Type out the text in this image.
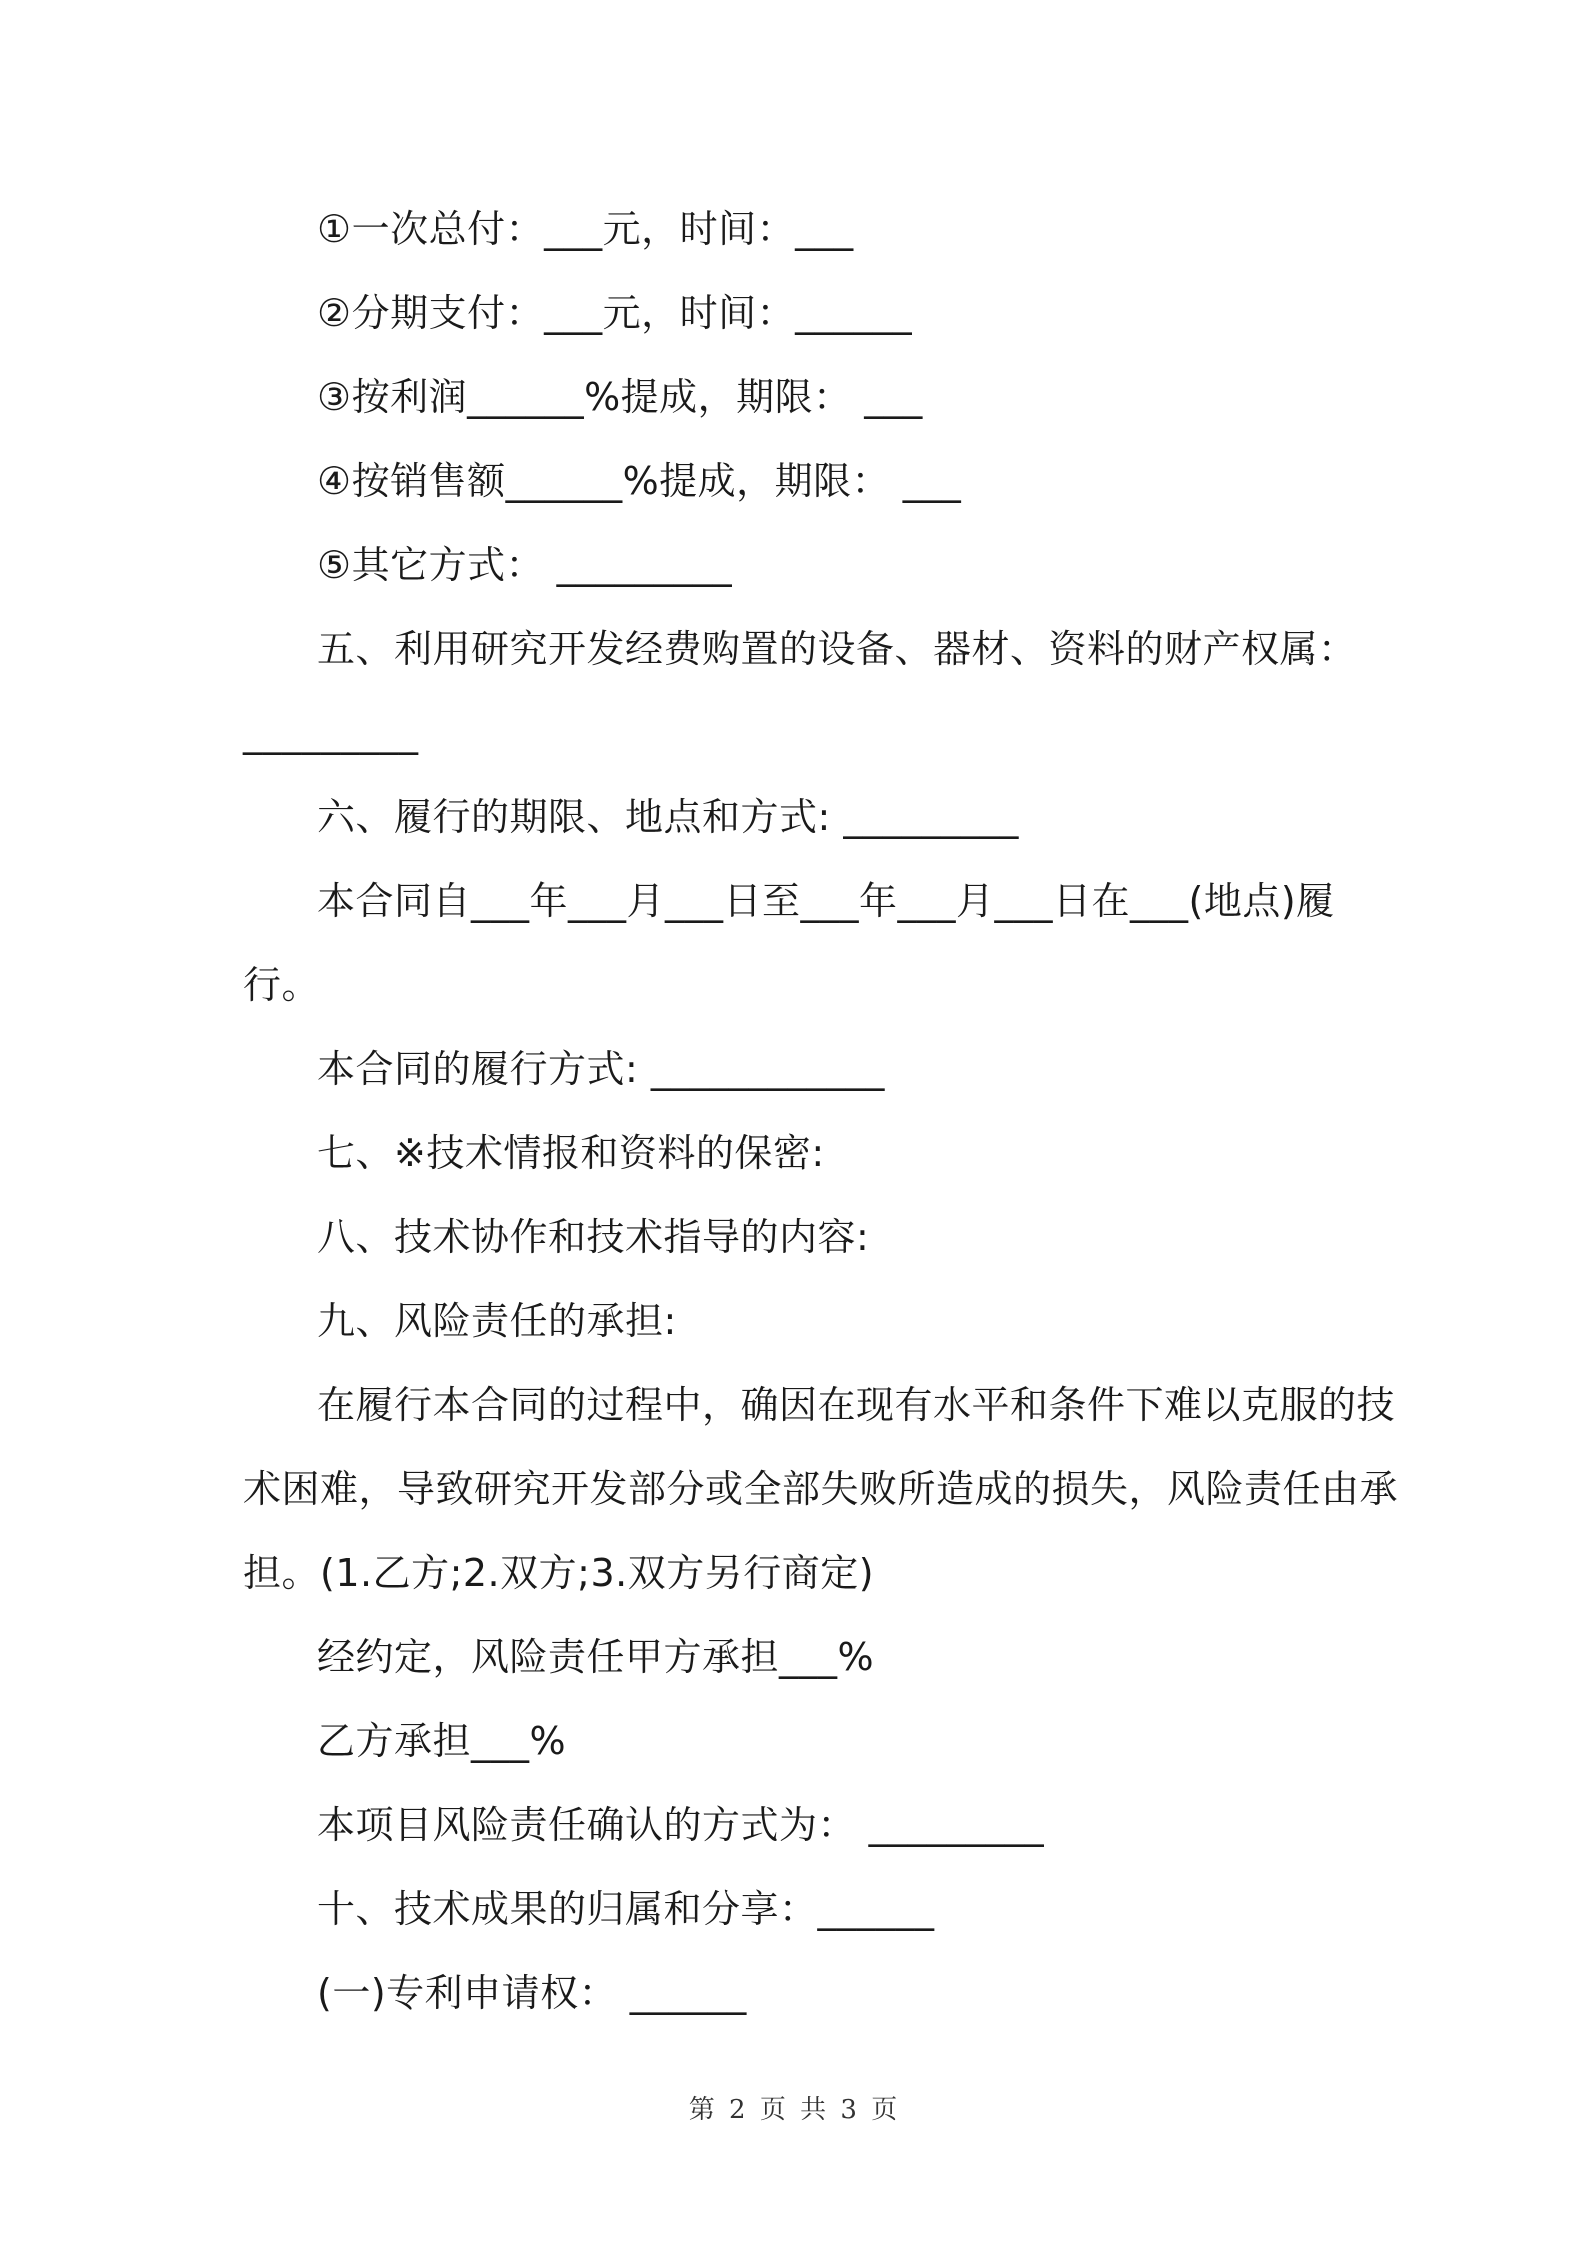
①一次总付：___元，时间：___
②分期支付：___元，时间：______
③按利润______%提成，期限： ___
④按销售额______%提成，期限： ___
⑤其它方式： _________
五、利用研究开发经费购置的设备、器材、资料的财产权属：
_________
六、履行的期限、地点和方式: _________
本合同自___年___月___日至___年___月___日在___(地点)履
行。
本合同的履行方式: ____________
七、※技术情报和资料的保密:
八、技术协作和技术指导的内容:
九、风险责任的承担:
在履行本合同的过程中，确因在现有水平和条件下难以克服的技
术困难，导致研究开发部分或全部失败所造成的损失，风险责任由承
担。(1.乙方;2.双方;3.双方另行商定)
经约定，风险责任甲方承担___%
乙方承担___%
本项目风险责任确认的方式为： _________
十、技术成果的归属和分享：______
(一)专利申请权： ______
第 2 页 共 3 页
